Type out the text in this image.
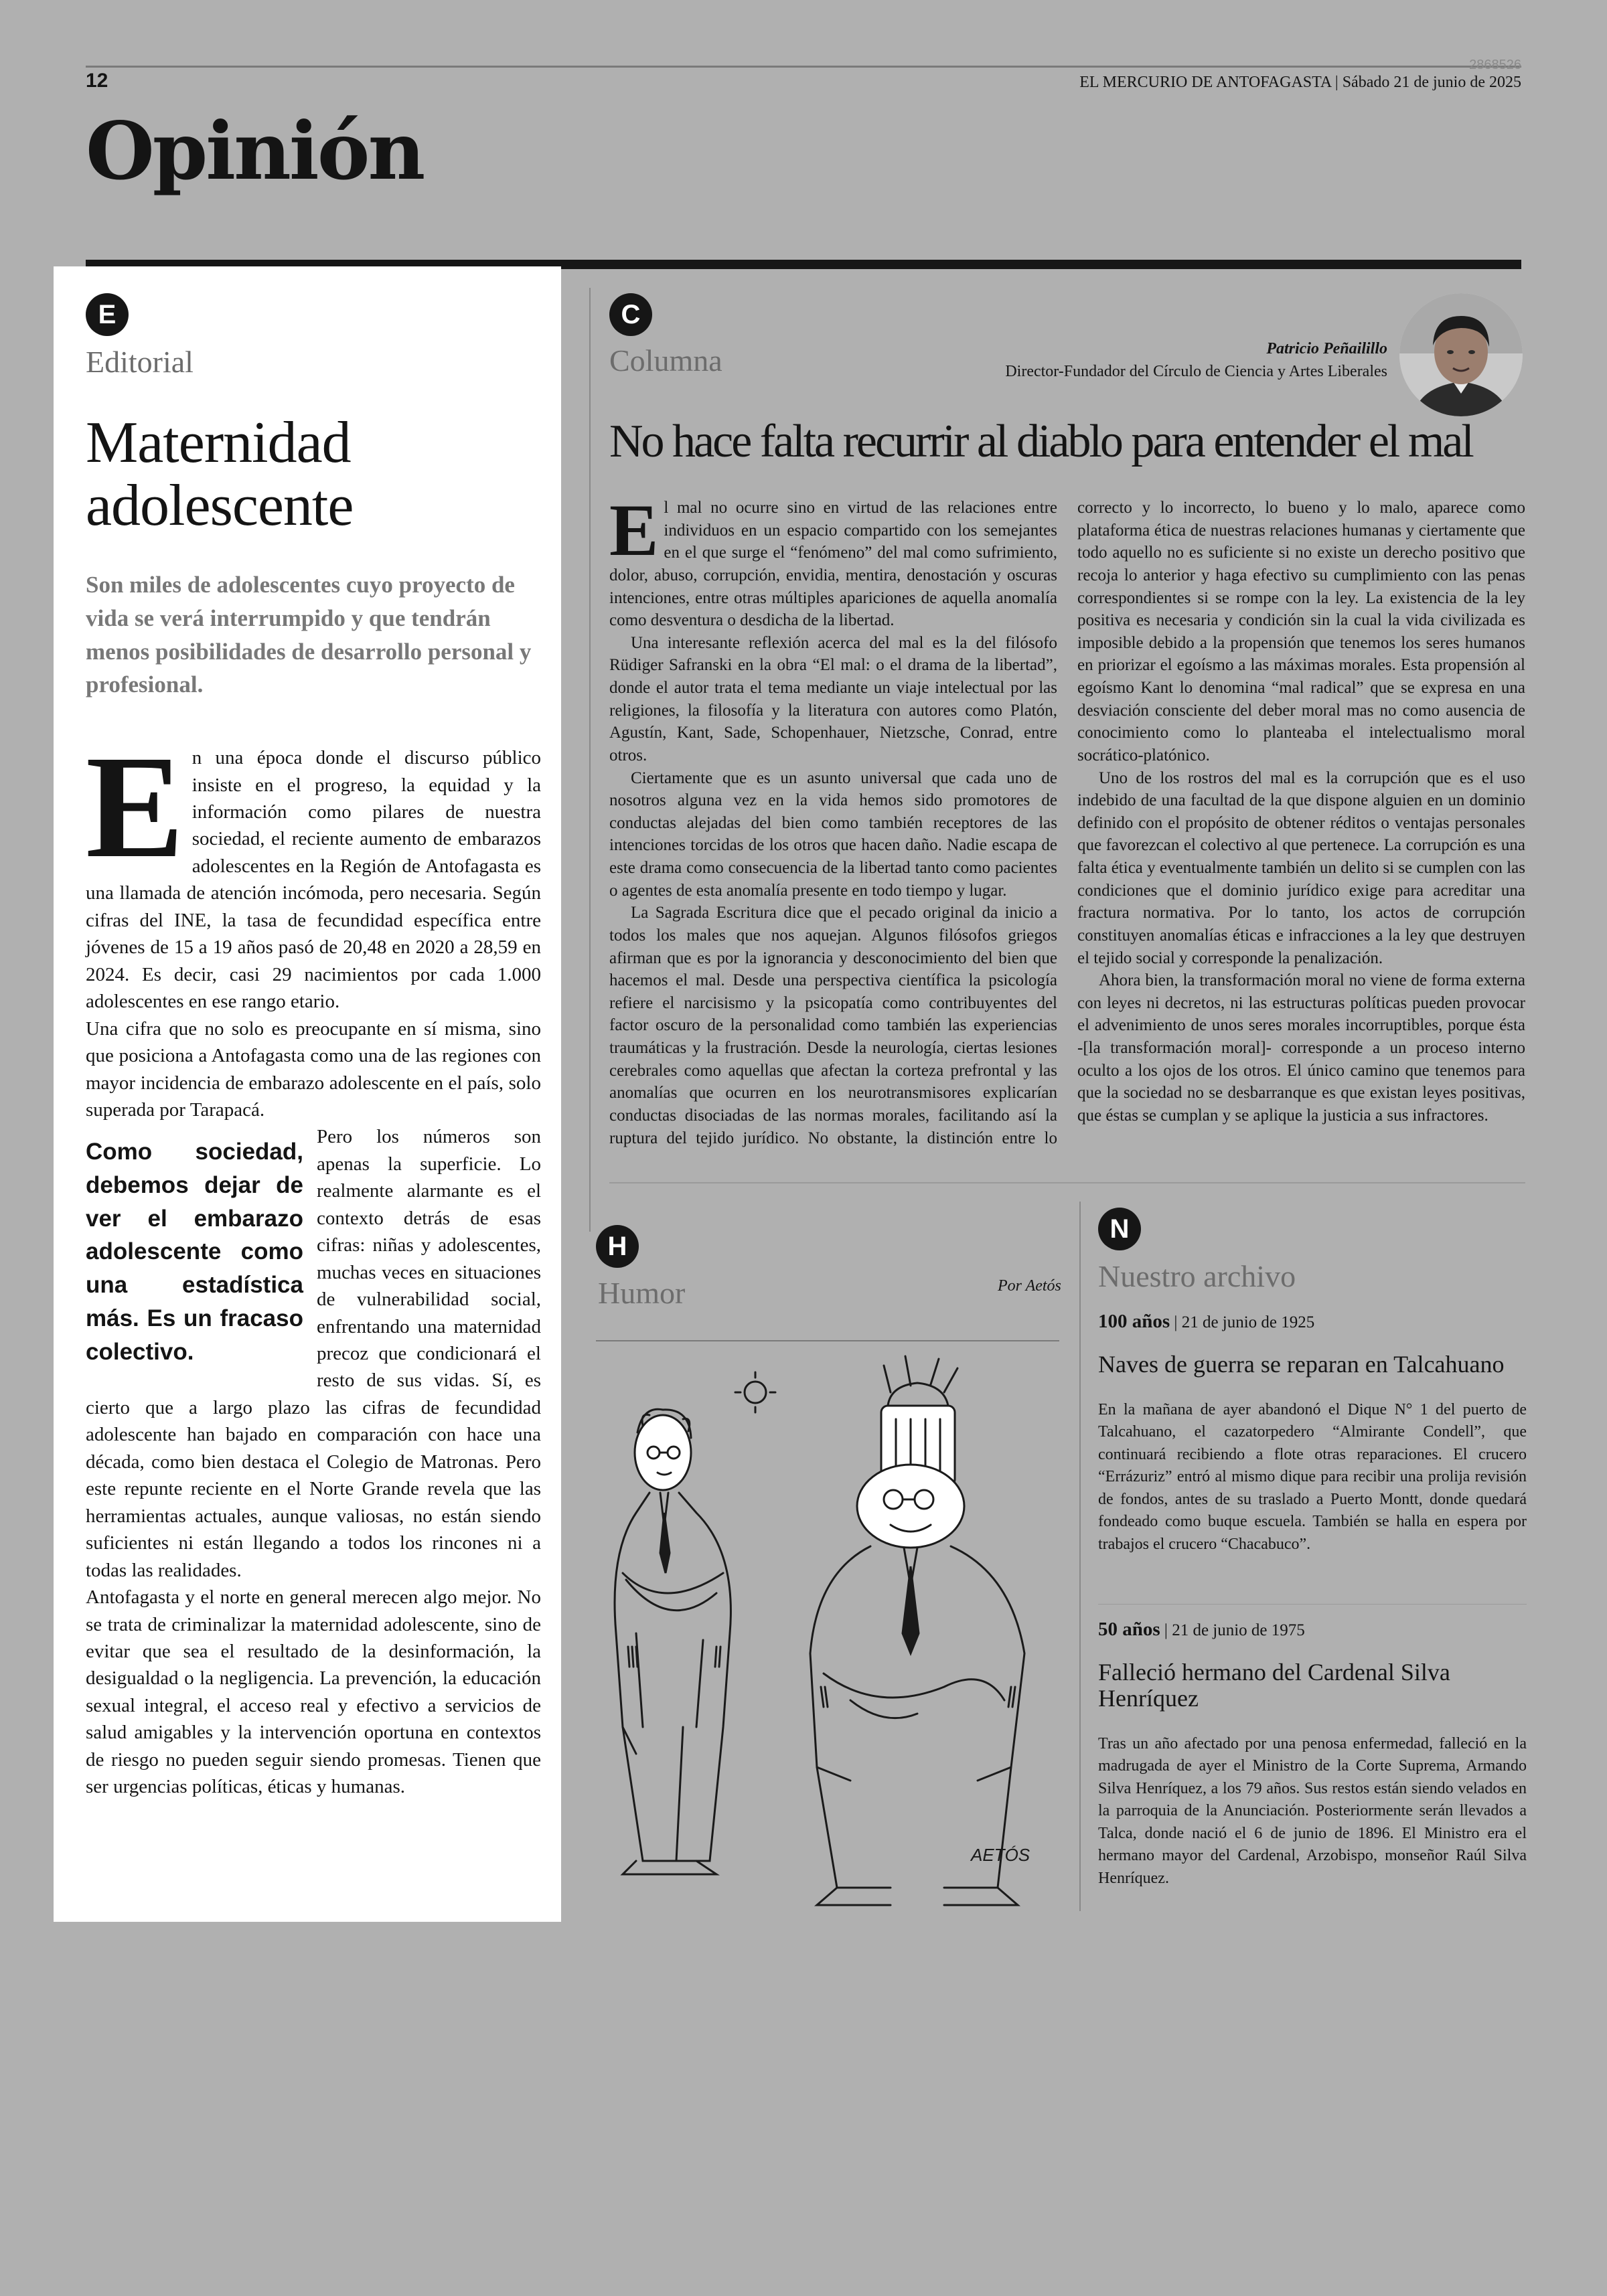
12
2868526
EL MERCURIO DE ANTOFAGASTA | Sábado 21 de junio de 2025
Opinión
E
Editorial
Maternidad adolescente
Son miles de adolescentes cuyo proyecto de vida se verá interrumpido y que tendrán menos posibilidades de desarrollo personal y profesional.

En una época donde el discurso público insiste en el progreso, la equidad y la información como pilares de nuestra sociedad, el reciente aumento de embarazos adolescentes en la Región de Antofagasta es una llamada de atención incómoda, pero necesaria. Según cifras del INE, la tasa de fecundidad específica entre jóvenes de 15 a 19 años pasó de 20,48 en 2020 a 28,59 en 2024. Es decir, casi 29 nacimientos por cada 1.000 adolescentes en ese rango etario.

Una cifra que no solo es preocupante en sí misma, sino que posiciona a Antofagasta como una de las regiones con mayor incidencia de embarazo adolescente en el país, solo superada por Tarapacá.

Como sociedad, debemos dejar de ver el embarazo adolescente como una estadística más. Es un fracaso colectivo.
Pero los números son apenas la superficie. Lo realmente alarmante es el contexto detrás de esas cifras: niñas y adolescentes, muchas veces en situaciones de vulnerabilidad social, enfrentando una maternidad precoz que condicionará el resto de sus vidas. Sí, es cierto que a largo plazo las cifras de fecundidad adolescente han bajado en comparación con hace una década, como bien destaca el Colegio de Matronas. Pero este repunte reciente en el Norte Grande revela que las herramientas actuales, aunque valiosas, no están siendo suficientes ni están llegando a todos los rincones ni a todas las realidades.

Antofagasta y el norte en general merecen algo mejor. No se trata de criminalizar la maternidad adolescente, sino de evitar que sea el resultado de la desinformación, la desigualdad o la negligencia. La prevención, la educación sexual integral, el acceso real y efectivo a servicios de salud amigables y la intervención oportuna en contextos de riesgo no pueden seguir siendo promesas. Tienen que ser urgencias políticas, éticas y humanas.

C
Columna	Patricio Peñailillo
Director-Fundador del Círculo de Ciencia y Artes Liberales
No hace falta recurrir al diablo para entender el mal

El mal no ocurre sino en virtud de las relaciones entre individuos en un espacio compartido con los semejantes en el que surge el “fenómeno” del mal como sufrimiento, dolor, abuso, corrupción, envidia, mentira, denostación y oscuras intenciones, entre otras múltiples apariciones de aquella anomalía como desventura o desdicha de la libertad.

Una interesante reflexión acerca del mal es la del filósofo Rüdiger Safranski en la obra “El mal: o el drama de la libertad”, donde el autor trata el tema mediante un viaje intelectual por las religiones, la filosofía y la literatura con autores como Platón, Agustín, Kant, Sade, Schopenhauer, Nietzsche, Conrad, entre otros.

Ciertamente que es un asunto universal que cada uno de nosotros alguna vez en la vida hemos sido promotores de conductas alejadas del bien como también receptores de las intenciones torcidas de los otros que hacen daño. Nadie escapa de este drama como consecuencia de la libertad tanto como pacientes o agentes de esta anomalía presente en todo tiempo y lugar.

La Sagrada Escritura dice que el pecado original da inicio a todos los males que nos aquejan. Algunos filósofos griegos afirman que es por la ignorancia y desconocimiento del bien que hacemos el mal. Desde una perspectiva científica la psicología refiere el narcisismo y la psicopatía como contribuyentes del factor oscuro de la personalidad como también las experiencias traumáticas y la frustración. Desde la neurología, ciertas lesiones cerebrales como aquellas que afectan la corteza prefrontal y las anomalías que ocurren en los neurotransmisores explicarían conductas disociadas de las normas morales, facilitando así la ruptura del tejido jurídico. No obstante, la distinción entre lo correcto y lo incorrecto, lo bueno y lo malo, aparece como plataforma ética de nuestras relaciones humanas y ciertamente que todo aquello no es suficiente si no existe un derecho positivo que recoja lo anterior y haga efectivo su cumplimiento con las penas correspondientes si se rompe con la ley. La existencia de la ley positiva es necesaria y condición sin la cual la vida civilizada es imposible debido a la propensión que tenemos los seres humanos en priorizar el egoísmo a las máximas morales. Esta propensión al egoísmo Kant lo denomina “mal radical” que se expresa en una desviación consciente del deber moral mas no como ausencia de conocimiento como lo planteaba el intelectualismo moral socrático-platónico.

Uno de los rostros del mal es la corrupción que es el uso indebido de una facultad de la que dispone alguien en un dominio definido con el propósito de obtener réditos o ventajas personales que favorezcan el colectivo al que pertenece. La corrupción es una falta ética y eventualmente también un delito si se cumplen con las condiciones que el dominio jurídico exige para acreditar una fractura normativa. Por lo tanto, los actos de corrupción constituyen anomalías éticas e infracciones a la ley que destruyen el tejido social y corresponde la penalización.

Ahora bien, la transformación moral no viene de forma externa con leyes ni decretos, ni las estructuras políticas pueden provocar el advenimiento de unos seres morales incorruptibles, porque ésta -[la transformación moral]- corresponde a un proceso interno oculto a los ojos de los otros. El único camino que tenemos para que la sociedad no se desbarranque es que existan leyes positivas, que éstas se cumplan y se aplique la justicia a sus infractores.

H
Humor	Por Aetós
AETÓS
N
Nuestro archivo
100 años | 21 de junio de 1925
Naves de guerra se reparan en Talcahuano
En la mañana de ayer abandonó el Dique N° 1 del puerto de Talcahuano, el cazatorpedero “Almirante Condell”, que continuará recibiendo a flote otras reparaciones. El crucero “Errázuriz” entró al mismo dique para recibir una prolija revisión de fondos, antes de su traslado a Puerto Montt, donde quedará fondeado como buque escuela. También se halla en espera por trabajos el crucero “Chacabuco”.
50 años | 21 de junio de 1975
Falleció hermano del Cardenal Silva Henríquez
Tras un año afectado por una penosa enfermedad, falleció en la madrugada de ayer el Ministro de la Corte Suprema, Armando Silva Henríquez, a los 79 años. Sus restos están siendo velados en la parroquia de la Anunciación. Posteriormente serán llevados a Talca, donde nació el 6 de junio de 1896. El Ministro era el hermano mayor del Cardenal, Arzobispo, monseñor Raúl Silva Henríquez.
